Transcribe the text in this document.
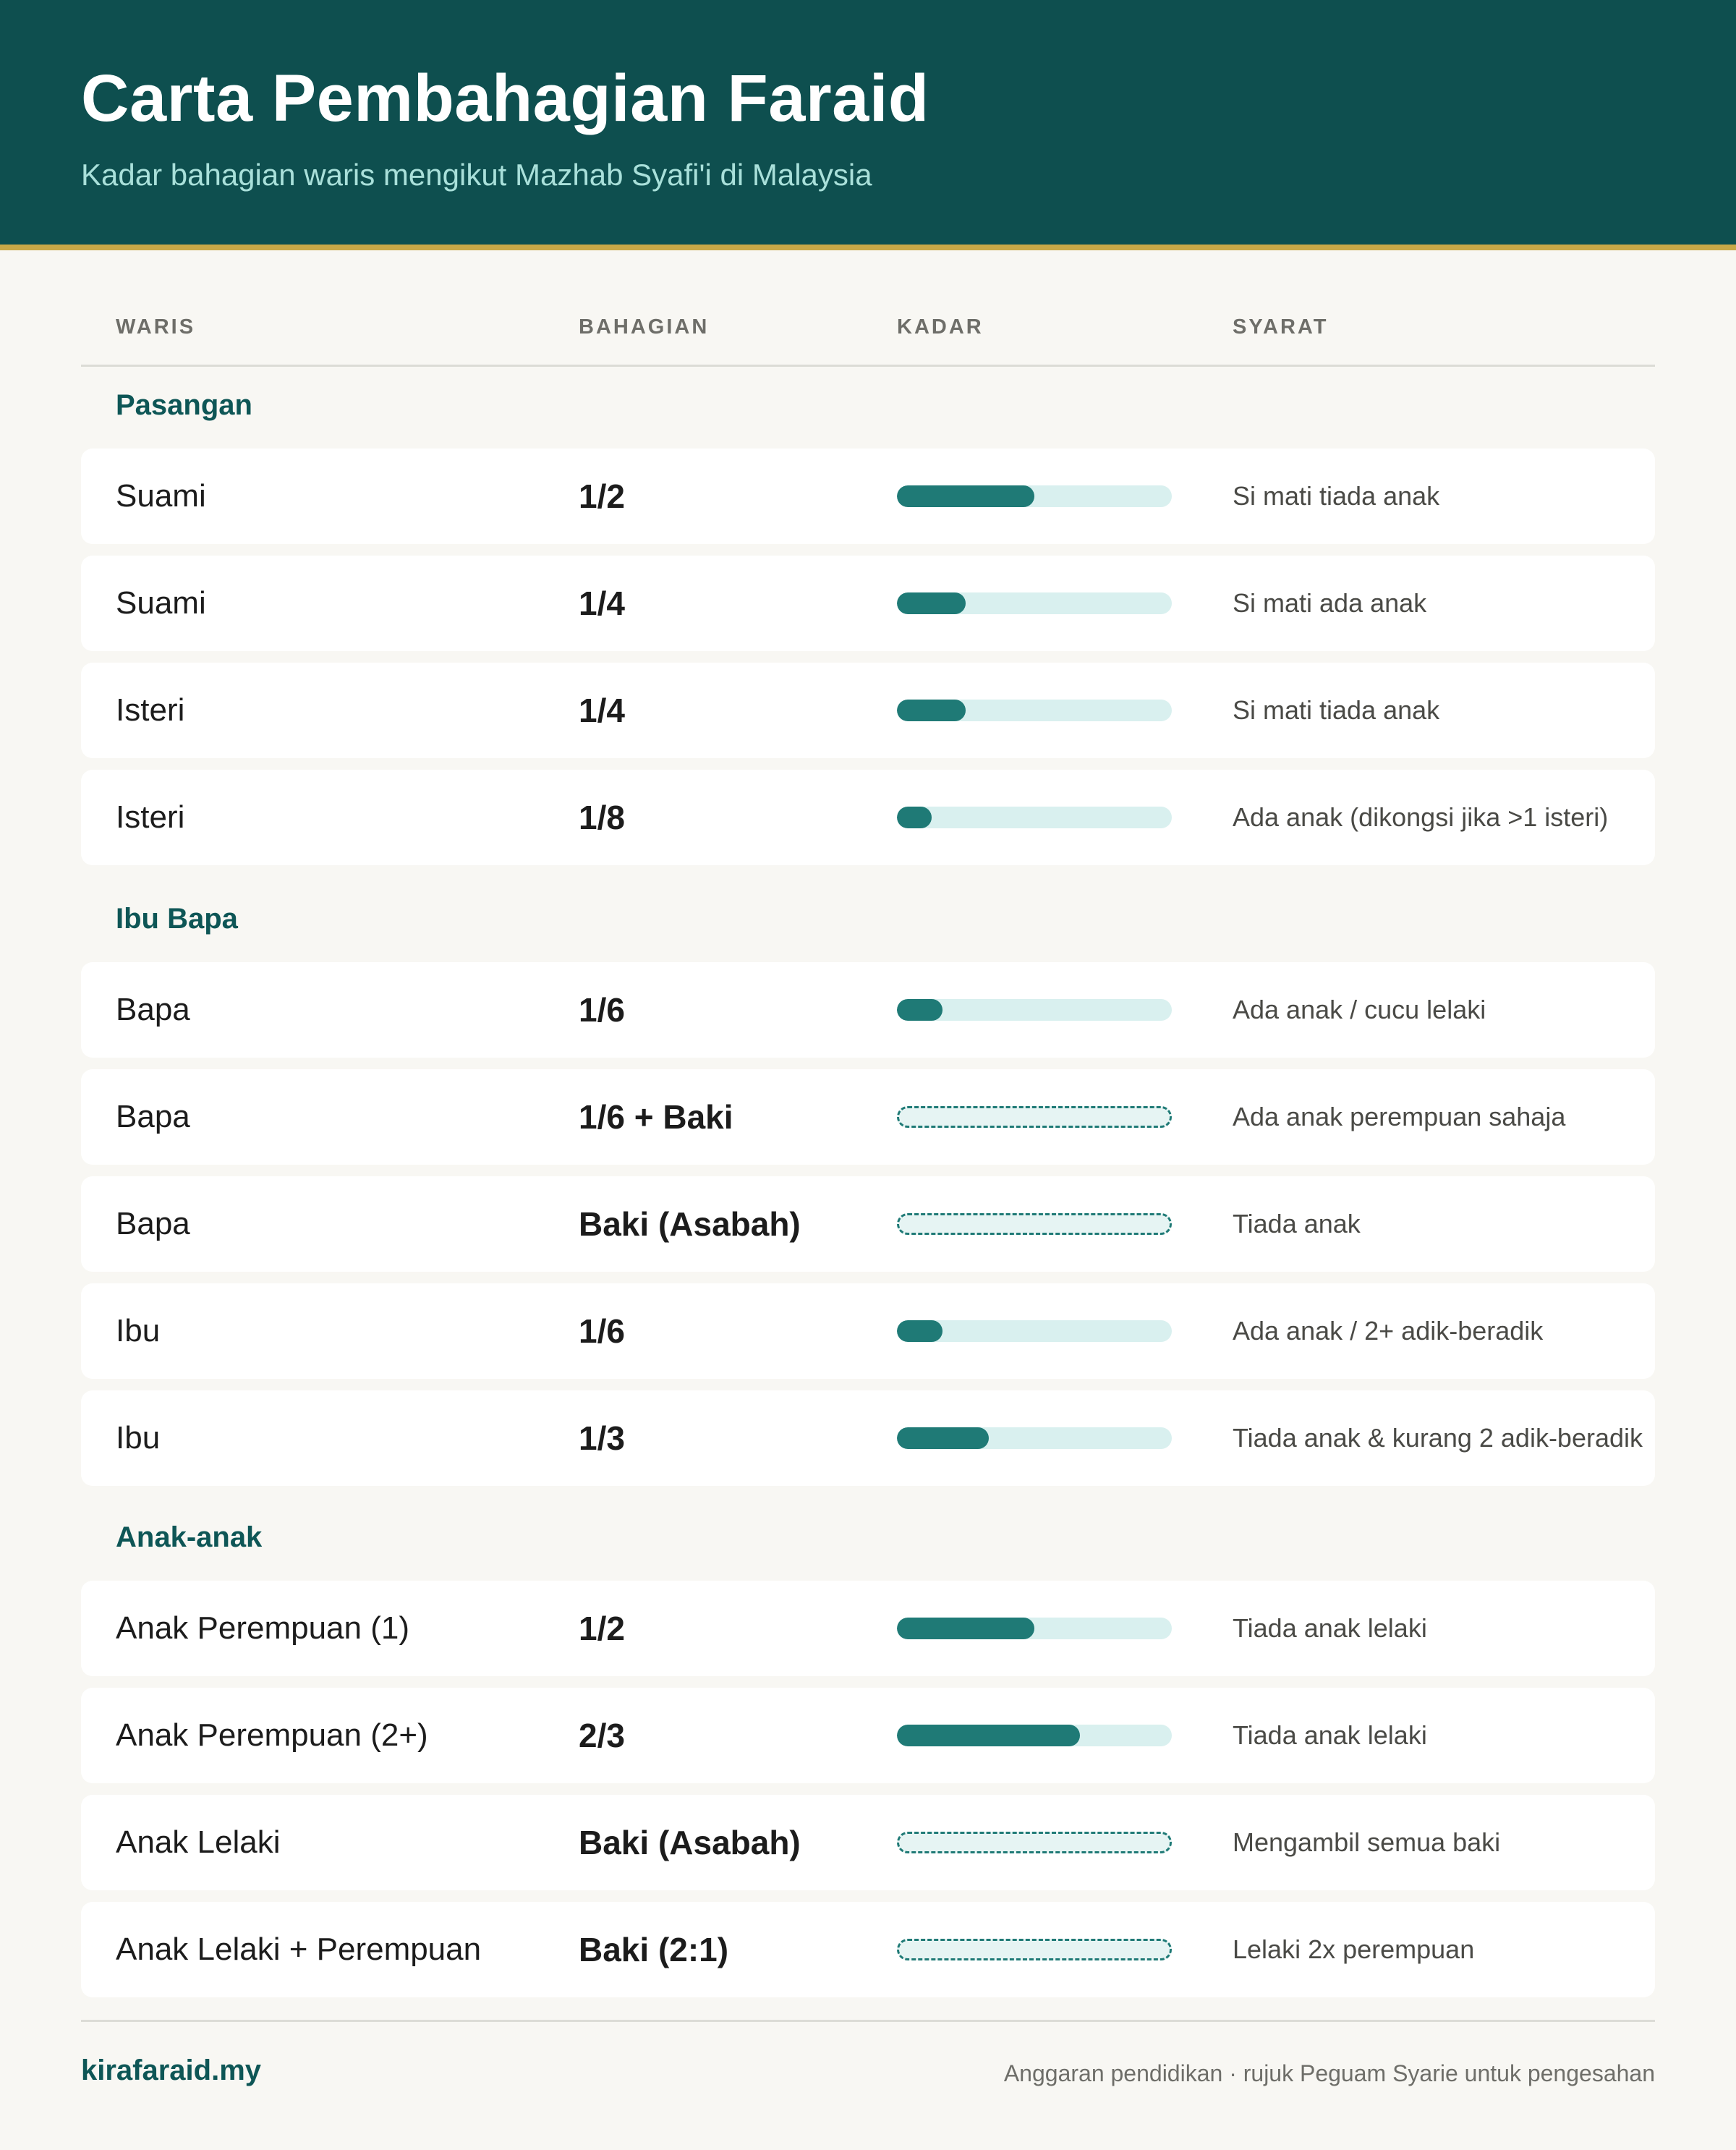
Carta Pembahagian Faraid
Kadar bahagian waris mengikut Mazhab Syafi'i di Malaysia
WARIS	BAHAGIAN	KADAR	SYARAT
Pasangan
Suami	1/2	Si mati tiada anak
Suami	1/4	Si mati ada anak
Isteri	1/4	Si mati tiada anak
Isteri	1/8	Ada anak (dikongsi jika >1 isteri)
Ibu Bapa
Bapa	1/6	Ada anak / cucu lelaki
Bapa	1/6 + Baki	Ada anak perempuan sahaja
Bapa	Baki (Asabah)	Tiada anak
Ibu	1/6	Ada anak / 2+ adik-beradik
Ibu	1/3	Tiada anak & kurang 2 adik-beradik
Anak-anak
Anak Perempuan (1)	1/2	Tiada anak lelaki
Anak Perempuan (2+)	2/3	Tiada anak lelaki
Anak Lelaki	Baki (Asabah)	Mengambil semua baki
Anak Lelaki + Perempuan	Baki (2:1)	Lelaki 2x perempuan
kirafaraid.my	Anggaran pendidikan · rujuk Peguam Syarie untuk pengesahan
